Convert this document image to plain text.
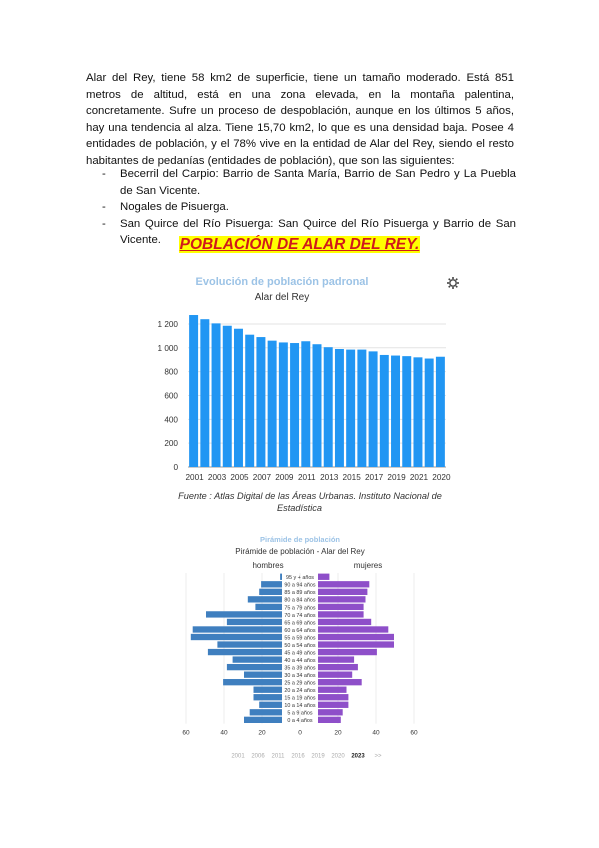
Alar del Rey, tiene 58 km2 de superficie, tiene un tamaño moderado. Está 851 metros de altitud, está en una zona elevada, en la montaña palentina, concretamente. Sufre un proceso de despoblación, aunque en los últimos 5 años, hay una tendencia al alza. Tiene 15,70 km2, lo que es una densidad baja. Posee 4 entidades de población, y el 78% vive en la entidad de Alar del Rey, siendo el resto habitantes de pedanías (entidades de población), que son las siguientes:
- Becerril del Carpio: Barrio de Santa María, Barrio de San Pedro y La Puebla de San Vicente.
- Nogales de Pisuerga.
- San Quirce del Río Pisuerga: San Quirce del Río Pisuerga y Barrio de San Vicente.	POBLACIÓN DE ALAR DEL REY.
Evolución de población padronal
Alar del Rey
0
200
400
600
800
1 000
1 200
2001 2003 2005 2007 2009 2011 2013 2015 2017 2019 2021 2020
Fuente : Atlas Digital de las Áreas Urbanas. Instituto Nacional de
Estadística
Pirámide de población
Pirámide de población - Alar del Rey
hombres	mujeres
95 y + años
90 a 94 años
85 a 89 años
80 a 84 años
75 a 79 años
70 a 74 años
65 a 69 años
60 a 64 años
55 a 59 años
50 a 54 años
45 a 49 años
40 a 44 años
35 a 39 años
30 a 34 años
25 a 29 años
20 a 24 años
15 a 19 años
10 a 14 años
5 a 9 años
0 a 4 años
60	40	20	0	20	40	60
2001 2006 2011 2016 2019 2020 2023 >>
